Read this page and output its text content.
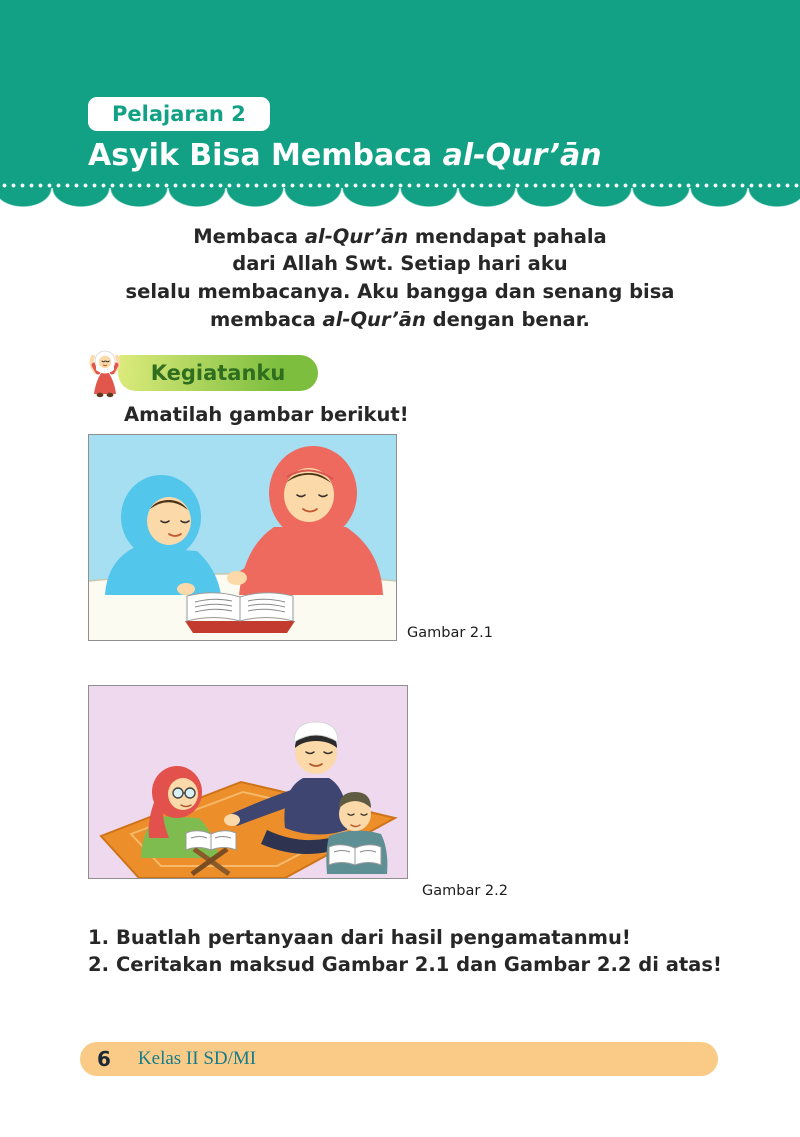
Pelajaran 2
Asyik Bisa Membaca al-Qur’ān
Membaca al-Qur’ān mendapat pahala
dari Allah Swt. Setiap hari aku
selalu membacanya. Aku bangga dan senang bisa
membaca al-Qur’ān dengan benar.
Kegiatanku
Amatilah gambar berikut!
Gambar 2.1
Gambar 2.2
1. Buatlah pertanyaan dari hasil pengamatanmu!
2. Ceritakan maksud Gambar 2.1 dan Gambar 2.2 di atas!
6 Kelas II SD/MI
